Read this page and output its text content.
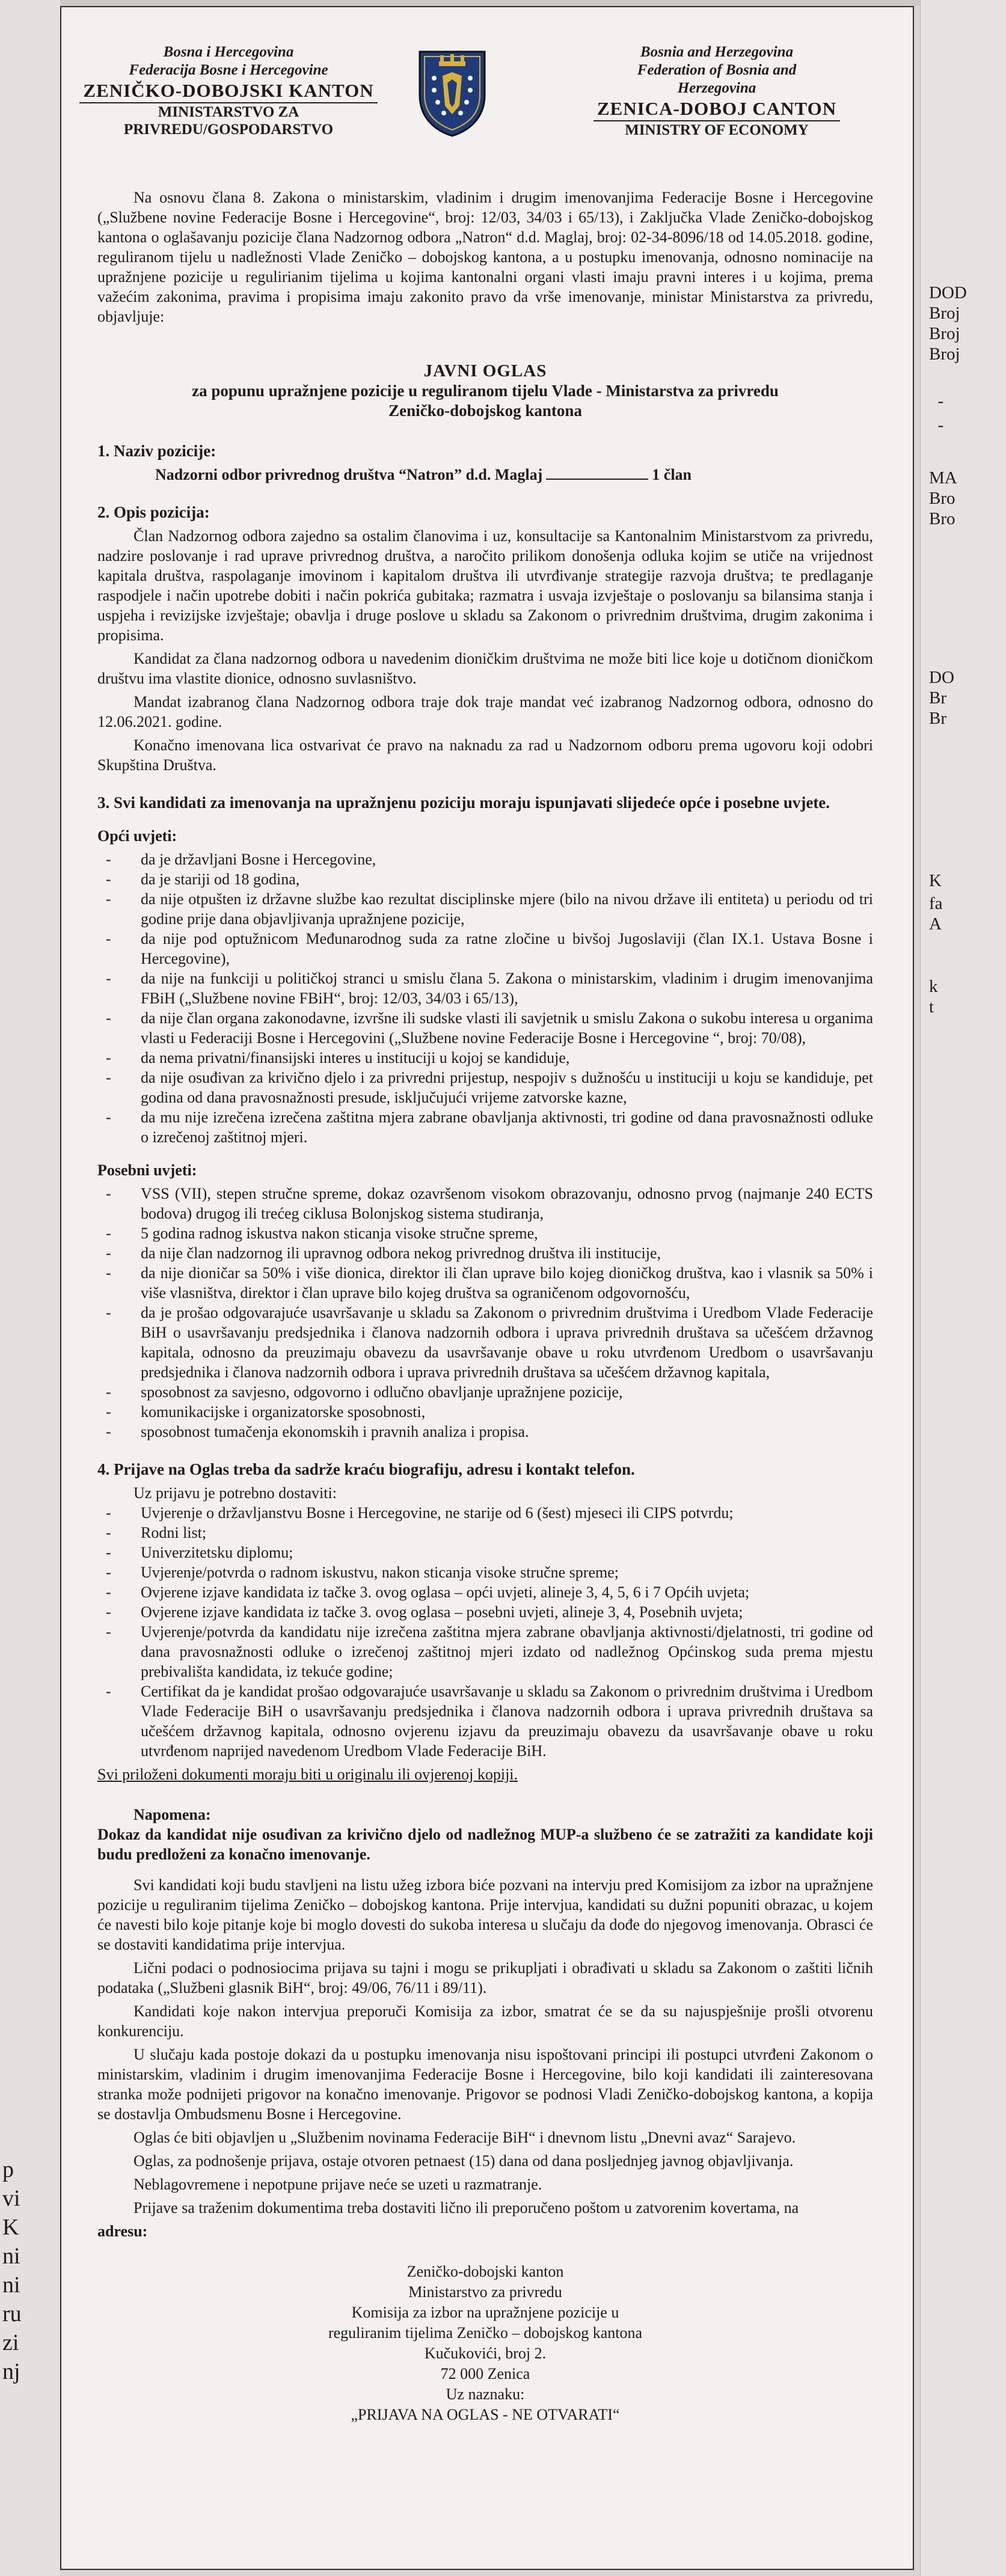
p
vi
K
ni
ni
ru
zi
nj
DOD
Broj
Broj
Broj
-
-
MA
Bro
Bro
DO
Br
Br
K
fa
A
k
t
Bosna i Hercegovina
Federacija Bosne i Hercegovine
ZENIČKO-DOBOJSKI KANTON
MINISTARSTVO ZA
PRIVREDU/GOSPODARSTVO
Bosnia and Herzegovina
Federation of Bosnia and
Herzegovina
ZENICA-DOBOJ CANTON
MINISTRY OF ECONOMY

Na osnovu člana 8. Zakona o ministarskim, vladinim i drugim imenovanjima Federacije Bosne i Hercegovine („Službene novine Federacije Bosne i Hercegovine“, broj: 12/03, 34/03 i 65/13), i Zaključka Vlade Zeničko-dobojskog kantona o oglašavanju pozicije člana Nadzornog odbora „Natron“ d.d. Maglaj, broj: 02-34-8096/18 od 14.05.2018. godine, reguliranom tijelu u nadležnosti Vlade Zeničko – dobojskog kantona, a u postupku imenovanja, odnosno nominacije na upražnjene pozicije u regulirianim tijelima u kojima kantonalni organi vlasti imaju pravni interes i u kojima, prema važećim zakonima, pravima i propisima imaju zakonito pravo da vrše imenovanje, ministar Ministarstva za privredu, objavljuje:

JAVNI OGLAS
za popunu upražnjene pozicije u reguliranom tijelu Vlade - Ministarstva za privredu
Zeničko-dobojskog kantona
1. Naziv pozicije:
Nadzorni odbor privrednog društva “Natron” d.d. Maglaj	1 član
2. Opis pozicija:

Član Nadzornog odbora zajedno sa ostalim članovima i uz, konsultacije sa Kantonalnim Ministarstvom za privredu, nadzire poslovanje i rad uprave privrednog društva, a naročito prilikom donošenja odluka kojim se utiče na vrijednost kapitala društva, raspolaganje imovinom i kapitalom društva ili utvrđivanje strategije razvoja društva; te predlaganje raspodjele i način upotrebe dobiti i način pokrića gubitaka; razmatra i usvaja izvještaje o poslovanju sa bilansima stanja i uspjeha i revizijske izvještaje; obavlja i druge poslove u skladu sa Zakonom o privrednim društvima, drugim zakonima i propisima.

Kandidat za člana nadzornog odbora u navedenim dioničkim društvima ne može biti lice koje u dotičnom dioničkom društvu ima vlastite dionice, odnosno suvlasništvo.

Mandat izabranog člana Nadzornog odbora traje dok traje mandat već izabranog Nadzornog odbora, odnosno do 12.06.2021. godine.

Konačno imenovana lica ostvarivat će pravo na naknadu za rad u Nadzornom odboru prema ugovoru koji odobri Skupština Društva.

3. Svi kandidati za imenovanja na upražnjenu poziciju moraju ispunjavati slijedeće opće i posebne uvjete.
Opći uvjeti:
- da je državljani Bosne i Hercegovine,
- da je stariji od 18 godina,
- da nije otpušten iz državne službe kao rezultat disciplinske mjere (bilo na nivou države ili entiteta) u periodu od tri godine prije dana objavljivanja upražnjene pozicije,
- da nije pod optužnicom Međunarodnog suda za ratne zločine u bivšoj Jugoslaviji (član IX.1. Ustava Bosne i Hercegovine),
- da nije na funkciji u političkoj stranci u smislu člana 5. Zakona o ministarskim, vladinim i drugim imenovanjima FBiH („Službene novine FBiH“, broj: 12/03, 34/03 i 65/13),
- da nije član organa zakonodavne, izvršne ili sudske vlasti ili savjetnik u smislu Zakona o sukobu interesa u organima vlasti u Federaciji Bosne i Hercegovini („Službene novine Federacije Bosne i Hercegovine “, broj: 70/08),
- da nema privatni/finansijski interes u instituciji u kojoj se kandiduje,
- da nije osuđivan za krivično djelo i za privredni prijestup, nespojiv s dužnošću u instituciji u koju se kandiduje, pet godina od dana pravosnažnosti presude, isključujući vrijeme zatvorske kazne,
- da mu nije izrečena izrečena zaštitna mjera zabrane obavljanja aktivnosti, tri godine od dana pravosnažnosti odluke o izrečenoj zaštitnoj mjeri.
Posebni uvjeti:
- VSS (VII), stepen stručne spreme, dokaz ozavršenom visokom obrazovanju, odnosno prvog (najmanje 240 ECTS bodova) drugog ili trećeg ciklusa Bolonjskog sistema studiranja,
- 5 godina radnog iskustva nakon sticanja visoke stručne spreme,
- da nije član nadzornog ili upravnog odbora nekog privrednog društva ili institucije,
- da nije dioničar sa 50% i više dionica, direktor ili član uprave bilo kojeg dioničkog društva, kao i vlasnik sa 50% i više vlasništva, direktor i član uprave bilo kojeg društva sa ograničenom odgovornošću,
- da je prošao odgovarajuće usavršavanje u skladu sa Zakonom o privrednim društvima i Uredbom Vlade Federacije BiH o usavršavanju predsjednika i članova nadzornih odbora i uprava privrednih društava sa učešćem državnog kapitala, odnosno da preuzimaju obavezu da usavršavanje obave u roku utvrđenom Uredbom o usavršavanju predsjednika i članova nadzornih odbora i uprava privrednih društava sa učešćem državnog kapitala,
- sposobnost za savjesno, odgovorno i odlučno obavljanje upražnjene pozicije,
- komunikacijske i organizatorske sposobnosti,
- sposobnost tumačenja ekonomskih i pravnih analiza i propisa.
4. Prijave na Oglas treba da sadrže kraću biografiju, adresu i kontakt telefon.
Uz prijavu je potrebno dostaviti:
- Uvjerenje o državljanstvu Bosne i Hercegovine, ne starije od 6 (šest) mjeseci ili CIPS potvrdu;
- Rodni list;
- Univerzitetsku diplomu;
- Uvjerenje/potvrda o radnom iskustvu, nakon sticanja visoke stručne spreme;
- Ovjerene izjave kandidata iz tačke 3. ovog oglasa – opći uvjeti, alineje 3, 4, 5, 6 i 7 Općih uvjeta;
- Ovjerene izjave kandidata iz tačke 3. ovog oglasa – posebni uvjeti, alineje 3, 4, Posebnih uvjeta;
- Uvjerenje/potvrda da kandidatu nije izrečena zaštitna mjera zabrane obavljanja aktivnosti/djelatnosti, tri godine od dana pravosnažnosti odluke o izrečenoj zaštitnoj mjeri izdato od nadležnog Općinskog suda prema mjestu prebivališta kandidata, iz tekuće godine;
- Certifikat da je kandidat prošao odgovarajuće usavršavanje u skladu sa Zakonom o privrednim društvima i Uredbom Vlade Federacije BiH o usavršavanju predsjednika i članova nadzornih odbora i uprava privrednih društava sa učešćem državnog kapitala, odnosno ovjerenu izjavu da preuzimaju obavezu da usavršavanje obave u roku utvrđenom naprijed navedenom Uredbom Vlade Federacije BiH.
Svi priloženi dokumenti moraju biti u originalu ili ovjerenoj kopiji.
Napomena:
Dokaz da kandidat nije osuđivan za krivično djelo od nadležnog MUP-a službeno će se zatražiti za kandidate koji budu predloženi za konačno imenovanje.

Svi kandidati koji budu stavljeni na listu užeg izbora biće pozvani na intervju pred Komisijom za izbor na upražnjene pozicije u reguliranim tijelima Zeničko – dobojskog kantona. Prije intervjua, kandidati su dužni popuniti obrazac, u kojem će navesti bilo koje pitanje koje bi moglo dovesti do sukoba interesa u slučaju da dođe do njegovog imenovanja. Obrasci će se dostaviti kandidatima prije intervjua.

Lični podaci o podnosiocima prijava su tajni i mogu se prikupljati i obrađivati u skladu sa Zakonom o zaštiti ličnih podataka („Službeni glasnik BiH“, broj: 49/06, 76/11 i 89/11).

Kandidati koje nakon intervjua preporuči Komisija za izbor, smatrat će se da su najuspješnije prošli otvorenu konkurenciju.

U slučaju kada postoje dokazi da u postupku imenovanja nisu ispoštovani principi ili postupci utvrđeni Zakonom o ministarskim, vladinim i drugim imenovanjima Federacije Bosne i Hercegovine, bilo koji kandidati ili zainteresovana stranka može podnijeti prigovor na konačno imenovanje. Prigovor se podnosi Vladi Zeničko-dobojskog kantona, a kopija se dostavlja Ombudsmenu Bosne i Hercegovine.

Oglas će biti objavljen u „Službenim novinama Federacije BiH“ i dnevnom listu „Dnevni avaz“ Sarajevo.

Oglas, za podnošenje prijava, ostaje otvoren petnaest (15) dana od dana posljednjeg javnog objavljivanja.

Neblagovremene i nepotpune prijave neće se uzeti u razmatranje.

Prijave sa traženim dokumentima treba dostaviti lično ili preporučeno poštom u zatvorenim kovertama, na

adresu:

Zeničko-dobojski kanton
Ministarstvo za privredu
Komisija za izbor na upražnjene pozicije u
reguliranim tijelima Zeničko – dobojskog kantona
Kučukovići, broj 2.
72 000 Zenica
Uz naznaku:
„PRIJAVA NA OGLAS - NE OTVARATI“
